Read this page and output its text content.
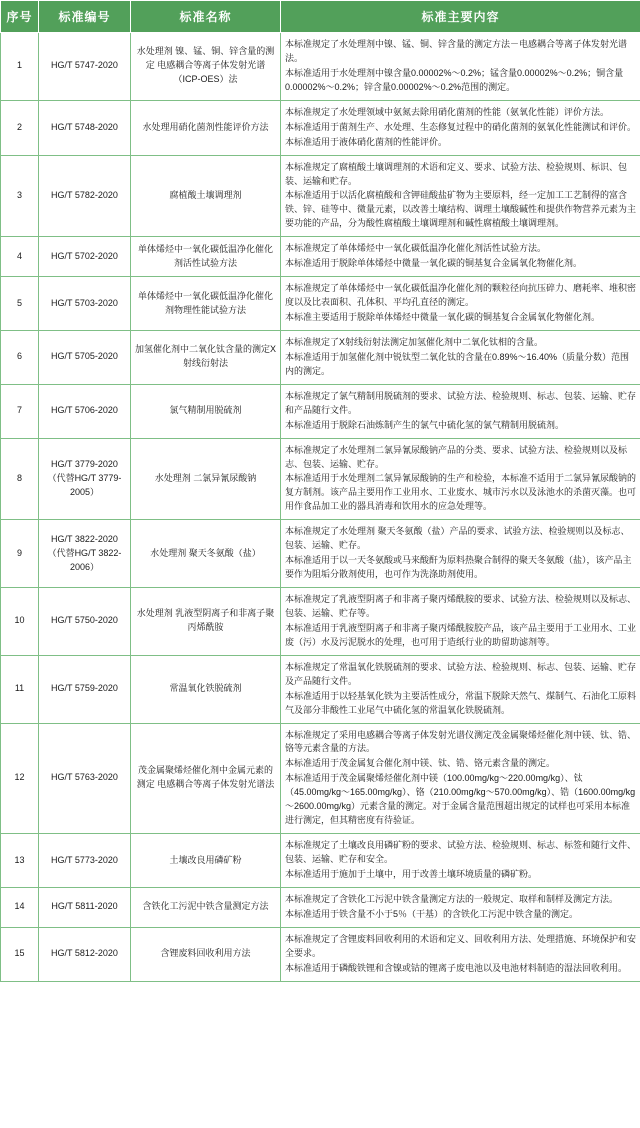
序号	标准编号	标准名称	标准主要内容
1	HG/T 5747-2020	水处理剂 镍、锰、铜、锌含量的测定 电感耦合等离子体发射光谱（ICP-OES）法	本标准规定了水处理剂中镍、锰、铜、锌含量的测定方法－电感耦合等离子体发射光谱法。

本标准适用于水处理剂中镍含量0.00002%～0.2%；锰含量0.00002%～0.2%；铜含量0.00002%～0.2%；锌含量0.00002%～0.2%范围的测定。

2	HG/T 5748-2020	水处理用硝化菌剂性能评价方法	本标准规定了水处理领域中氨氮去除用硝化菌剂的性能（氨氧化性能）评价方法。

本标准适用于菌剂生产、水处理、生态修复过程中的硝化菌剂的氨氧化性能测试和评价。

本标准适用于液体硝化菌剂的性能评价。

3	HG/T 5782-2020	腐植酸土壤调理剂	本标准规定了腐植酸土壤调理剂的术语和定义、要求、试验方法、检验规则、标识、包装、运输和贮存。

本标准适用于以活化腐植酸和含钾硅酸盐矿物为主要原料，经一定加工工艺制得的富含铁、锌、硅等中、微量元素，以改善土壤结构、调理土壤酸碱性和提供作物营养元素为主要功能的产品，分为酸性腐植酸土壤调理剂和碱性腐植酸土壤调理剂。

4	HG/T 5702-2020	单体烯烃中一氧化碳低温净化催化剂活性试验方法	本标准规定了单体烯烃中一氧化碳低温净化催化剂活性试验方法。

本标准适用于脱除单体烯烃中微量一氧化碳的铜基复合金属氧化物催化剂。

5	HG/T 5703-2020	单体烯烃中一氧化碳低温净化催化剂物理性能试验方法	本标准规定了单体烯烃中一氧化碳低温净化催化剂的颗粒径向抗压碎力、磨耗率、堆积密度以及比表面积、孔体积、平均孔直径的测定。

本标准主要适用于脱除单体烯烃中微量一氧化碳的铜基复合金属氧化物催化剂。

6	HG/T 5705-2020	加氢催化剂中二氧化钛含量的测定X射线衍射法	本标准规定了X射线衍射法测定加氢催化剂中二氧化钛相的含量。

本标准适用于加氢催化剂中锐钛型二氧化钛的含量在0.89%～16.40%（质量分数）范围内的测定。

7	HG/T 5706-2020	氯气精制用脱硫剂	本标准规定了氯气精制用脱硫剂的要求、试验方法、检验规则、标志、包装、运输、贮存和产品随行文件。

本标准适用于脱除石油炼制产生的氯气中硫化氢的氯气精制用脱硫剂。

8	HG/T 3779-2020（代替HG/T 3779-2005）	水处理剂 二氯异氰尿酸钠	本标准规定了水处理剂二氯异氰尿酸钠产品的分类、要求、试验方法、检验规则以及标志、包装、运输、贮存。

本标准适用于水处理剂二氯异氰尿酸钠的生产和检验，本标准不适用于二氯异氰尿酸钠的复方制剂。该产品主要用作工业用水、工业废水、城市污水以及泳池水的杀菌灭藻。也可用作食品加工业的器具消毒和饮用水的应急处理等。

9	HG/T 3822-2020（代替HG/T 3822-2006）	水处理剂 聚天冬氨酸（盐）	本标准规定了水处理剂 聚天冬氨酸（盐）产品的要求、试验方法、检验规则以及标志、包装、运输、贮存。

本标准适用于以一天冬氨酸或马来酸酐为原料热聚合制得的聚天冬氨酸（盐），该产品主要作为阻垢分散剂使用，也可作为洗涤助剂使用。

10	HG/T 5750-2020	水处理剂 乳液型阴离子和非离子聚丙烯酰胺	本标准规定了乳液型阴离子和非离子聚丙烯酰胺的要求、试验方法、检验规则以及标志、包装、运输、贮存等。

本标准适用于乳液型阴离子和非离子聚丙烯酰胺胶产品，该产品主要用于工业用水、工业废（污）水及污泥脱水的处理，也可用于造纸行业的助留助滤剂等。

11	HG/T 5759-2020	常温氧化铁脱硫剂	本标准规定了常温氧化铁脱硫剂的要求、试验方法、检验规则、标志、包装、运输、贮存及产品随行文件。

本标准适用于以轻基氧化铁为主要活性成分，常温下脱除天然气、煤制气、石油化工原料气及部分非酸性工业尾气中硫化氢的常温氧化铁脱硫剂。

12	HG/T 5763-2020	茂金属聚烯烃催化剂中金属元素的测定 电感耦合等离子体发射光谱法	本标准规定了采用电感耦合等离子体发射光谱仪测定茂金属聚烯烃催化剂中镁、钛、锆、铬等元素含量的方法。

本标准适用于茂金属复合催化剂中镁、钛、锆、铬元素含量的测定。

本标准适用于茂金属聚烯烃催化剂中镁（100.00mg/kg～220.00mg/kg）、钛（45.00mg/kg～165.00mg/kg）、铬（210.00mg/kg～570.00mg/kg）、锆（1600.00mg/kg～2600.00mg/kg）元素含量的测定。对于金属含量范围超出规定的试样也可采用本标准进行测定，但其精密度有待验证。

13	HG/T 5773-2020	土壤改良用磷矿粉	本标准规定了土壤改良用磷矿粉的要求、试验方法、检验规则、标志、标签和随行文件、包装、运输、贮存和安全。

本标准适用于施加于土壤中，用于改善土壤环境质量的磷矿粉。

14	HG/T 5811-2020	含铁化工污泥中铁含量测定方法	本标准规定了含铁化工污泥中铁含量测定方法的一般规定、取样和制样及测定方法。

本标准适用于铁含量不小于5％（干基）的含铁化工污泥中铁含量的测定。

15	HG/T 5812-2020	含锂废料回收利用方法	本标准规定了含锂废料回收利用的术语和定义、回收利用方法、处理措施、环境保护和安全要求。

本标准适用于磷酸铁锂和含镍或钴的锂离子废电池以及电池材料制造的湿法回收利用。
